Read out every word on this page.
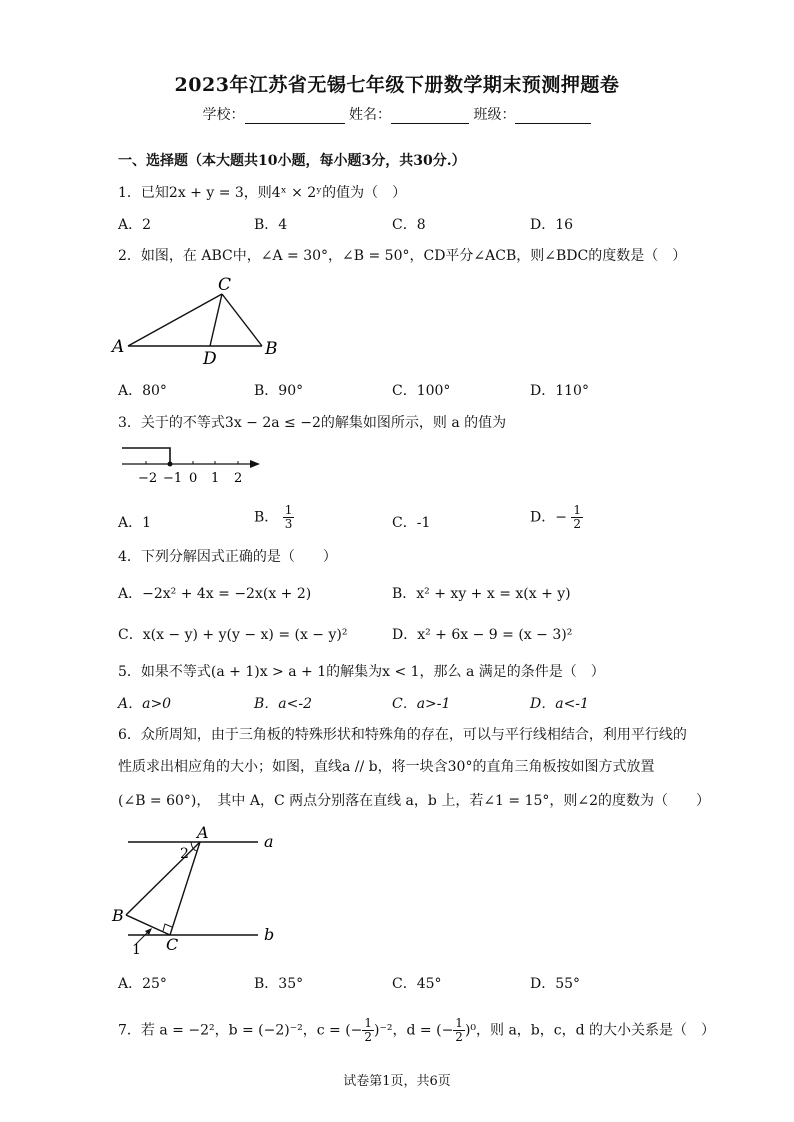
2023年江苏省无锡七年级下册数学期末预测押题卷
学校：	姓名：	班级：
一、选择题（本大题共10小题，每小题3分，共30分.）
1．已知2x + y = 3，则4ˣ × 2ʸ的值为（　）
A．2	B．4	C．8	D．16
2．如图，在 ABC中，∠A = 30°，∠B = 50°，CD平分∠ACB，则∠BDC的度数是（　）
C
A	B
D
A．80°	B．90°	C．100°	D．110°
3．关于的不等式3x − 2a ≤ −2的解集如图所示，则 a 的值为
−2 −1 0 1 2
A．1	B． $\frac{1}{3}$	C．-1	D．− $\frac{1}{2}$
4．下列分解因式正确的是（　　）
A．−2x² + 4x = −2x(x + 2)	B．x² + xy + x = x(x + y)
C．x(x − y) + y(y − x) = (x − y)²	D．x² + 6x − 9 = (x − 3)²
5．如果不等式(a + 1)x > a + 1的解集为x < 1，那么 a 满足的条件是（　）
A．a>0	B．a<-2	C．a>-1	D．a<-1
6．众所周知，由于三角板的特殊形状和特殊角的存在，可以与平行线相结合，利用平行线的
性质求出相应角的大小；如图，直线a // b，将一块含30°的直角三角板按如图方式放置
(∠B = 60°)，　其中 A，C 两点分别落在直线 a，b 上，若∠1 = 15°，则∠2的度数为（　　）
A	a
b
B
C
2
1
A．25°	B．35°	C．45°	D．55°
7．若 a = −2²，b = (−2)⁻²，c = (− $\frac{1}{2} )^{-2}$，d = (− $\frac{1}{2} )^0$，则 a，b，c，d 的大小关系是（　）
试卷第1页，共6页
